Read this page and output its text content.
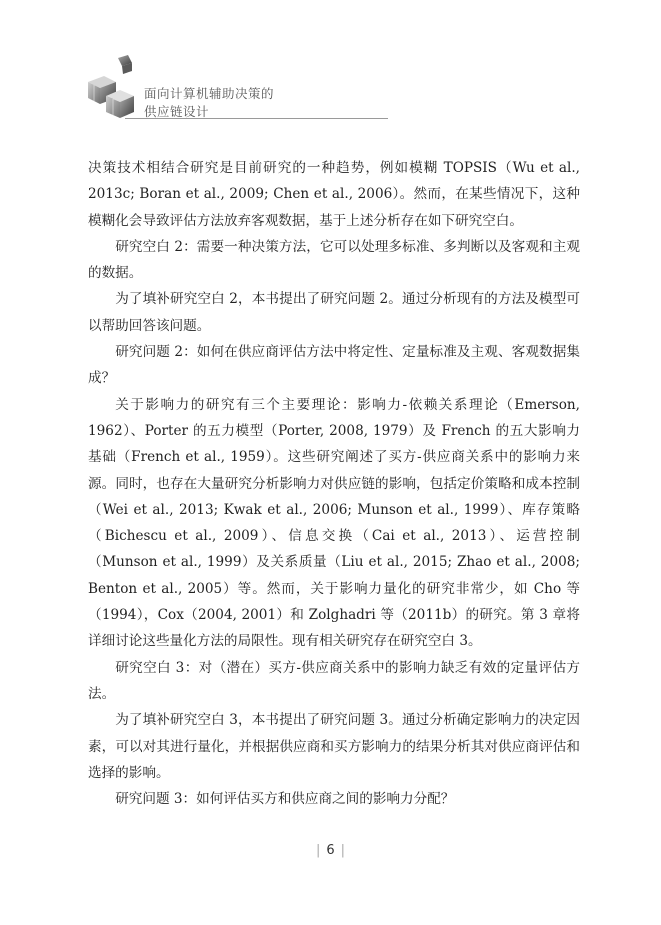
面向计算机辅助决策的
供应链设计

决策技术相结合研究是目前研究的一种趋势，例如模糊 TOPSIS（Wu et al., 2013c; Boran et al., 2009; Chen et al., 2006）。然而，在某些情况下，这种模糊化会导致评估方法放弃客观数据，基于上述分析存在如下研究空白。

研究空白 2：需要一种决策方法，它可以处理多标准、多判断以及客观和主观的数据。

为了填补研究空白 2，本书提出了研究问题 2。通过分析现有的方法及模型可以帮助回答该问题。

研究问题 2：如何在供应商评估方法中将定性、定量标准及主观、客观数据集成？

关于影响力的研究有三个主要理论：影响力-依赖关系理论（Emerson, 1962）、Porter 的五力模型（Porter, 2008, 1979）及 French 的五大影响力基础（French et al., 1959）。这些研究阐述了买方-供应商关系中的影响力来源。同时，也存在大量研究分析影响力对供应链的影响，包括定价策略和成本控制（Wei et al., 2013; Kwak et al., 2006; Munson et al., 1999）、库存策略（Bichescu et al., 2009）、信息交换（Cai et al., 2013）、运营控制（Munson et al., 1999）及关系质量（Liu et al., 2015; Zhao et al., 2008; Benton et al., 2005）等。然而，关于影响力量化的研究非常少，如 Cho 等（1994），Cox（2004, 2001）和 Zolghadri 等（2011b）的研究。第 3 章将详细讨论这些量化方法的局限性。现有相关研究存在研究空白 3。

研究空白 3：对（潜在）买方-供应商关系中的影响力缺乏有效的定量评估方法。

为了填补研究空白 3，本书提出了研究问题 3。通过分析确定影响力的决定因素，可以对其进行量化，并根据供应商和买方影响力的结果分析其对供应商评估和选择的影响。

研究问题 3：如何评估买方和供应商之间的影响力分配？

| 6 |
